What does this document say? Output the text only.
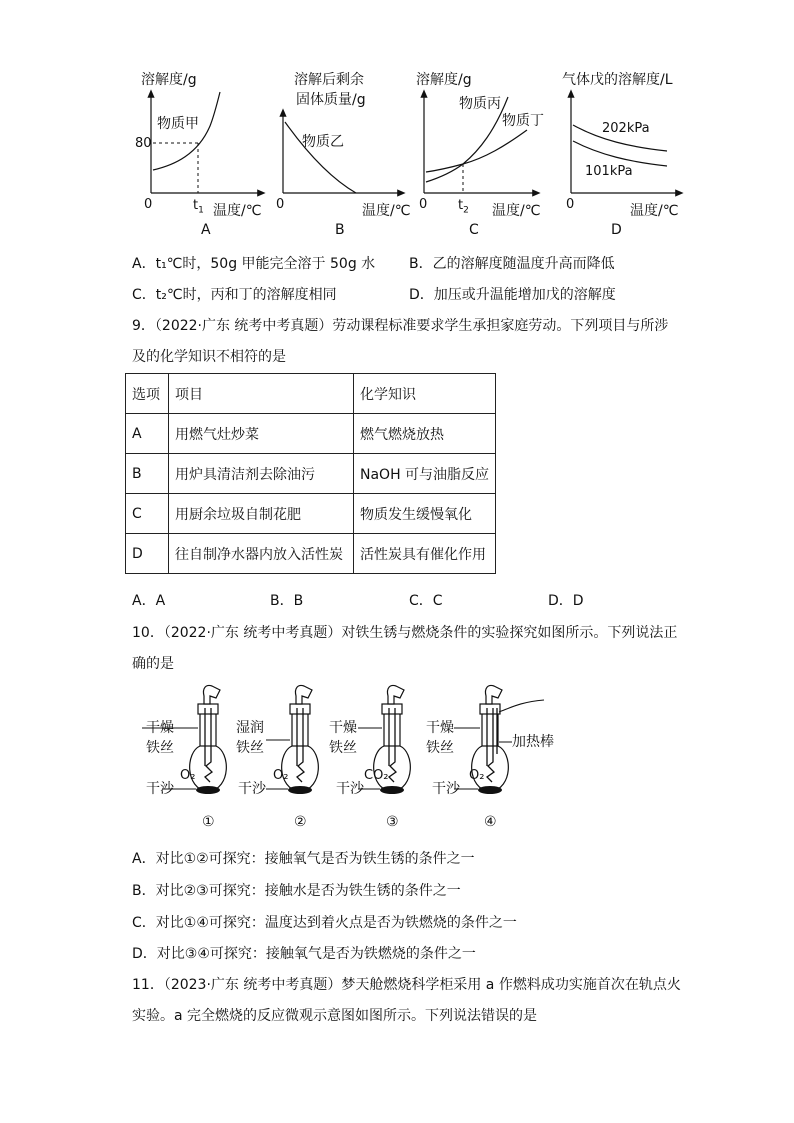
溶解度/g
物质甲
80
0	$t_1$ 温度/℃
A
溶解后剩余
固体质量/g
物质乙
0	温度/℃
B
溶解度/g
物质丙
物质丁
0 $t_2$ 温度/℃
C
气体戊的溶解度/L
202kPa
101kPa
0	温度/℃
D
A．t₁℃时，50g 甲能完全溶于 50g 水 B．乙的溶解度随温度升高而降低
C．t₂℃时，丙和丁的溶解度相同	D．加压或升温能增加戊的溶解度
9．（2022·广东 统考中考真题）劳动课程标准要求学生承担家庭劳动。下列项目与所涉
及的化学知识不相符的是
选项	项目	化学知识
A	用燃气灶炒菜	燃气燃烧放热
B	用炉具清洁剂去除油污	NaOH 可与油脂反应
C	用厨余垃圾自制花肥	物质发生缓慢氧化
D	往自制净水器内放入活性炭	活性炭具有催化作用
A．A	B．B	C．C	D．D
10．（2022·广东 统考中考真题）对铁生锈与燃烧条件的实验探究如图所示。下列说法正
确的是
干燥
铁丝
O₂
干沙
①
湿润
铁丝
O₂
干沙
②
干燥
铁丝
CO₂
干沙
③
干燥
铁丝
O₂
干沙
加热棒
④
A．对比①②可探究：接触氧气是否为铁生锈的条件之一
B．对比②③可探究：接触水是否为铁生锈的条件之一
C．对比①④可探究：温度达到着火点是否为铁燃烧的条件之一
D．对比③④可探究：接触氧气是否为铁燃烧的条件之一
11．（2023·广东 统考中考真题）梦天舱燃烧科学柜采用 a 作燃料成功实施首次在轨点火
实验。a 完全燃烧的反应微观示意图如图所示。下列说法错误的是
